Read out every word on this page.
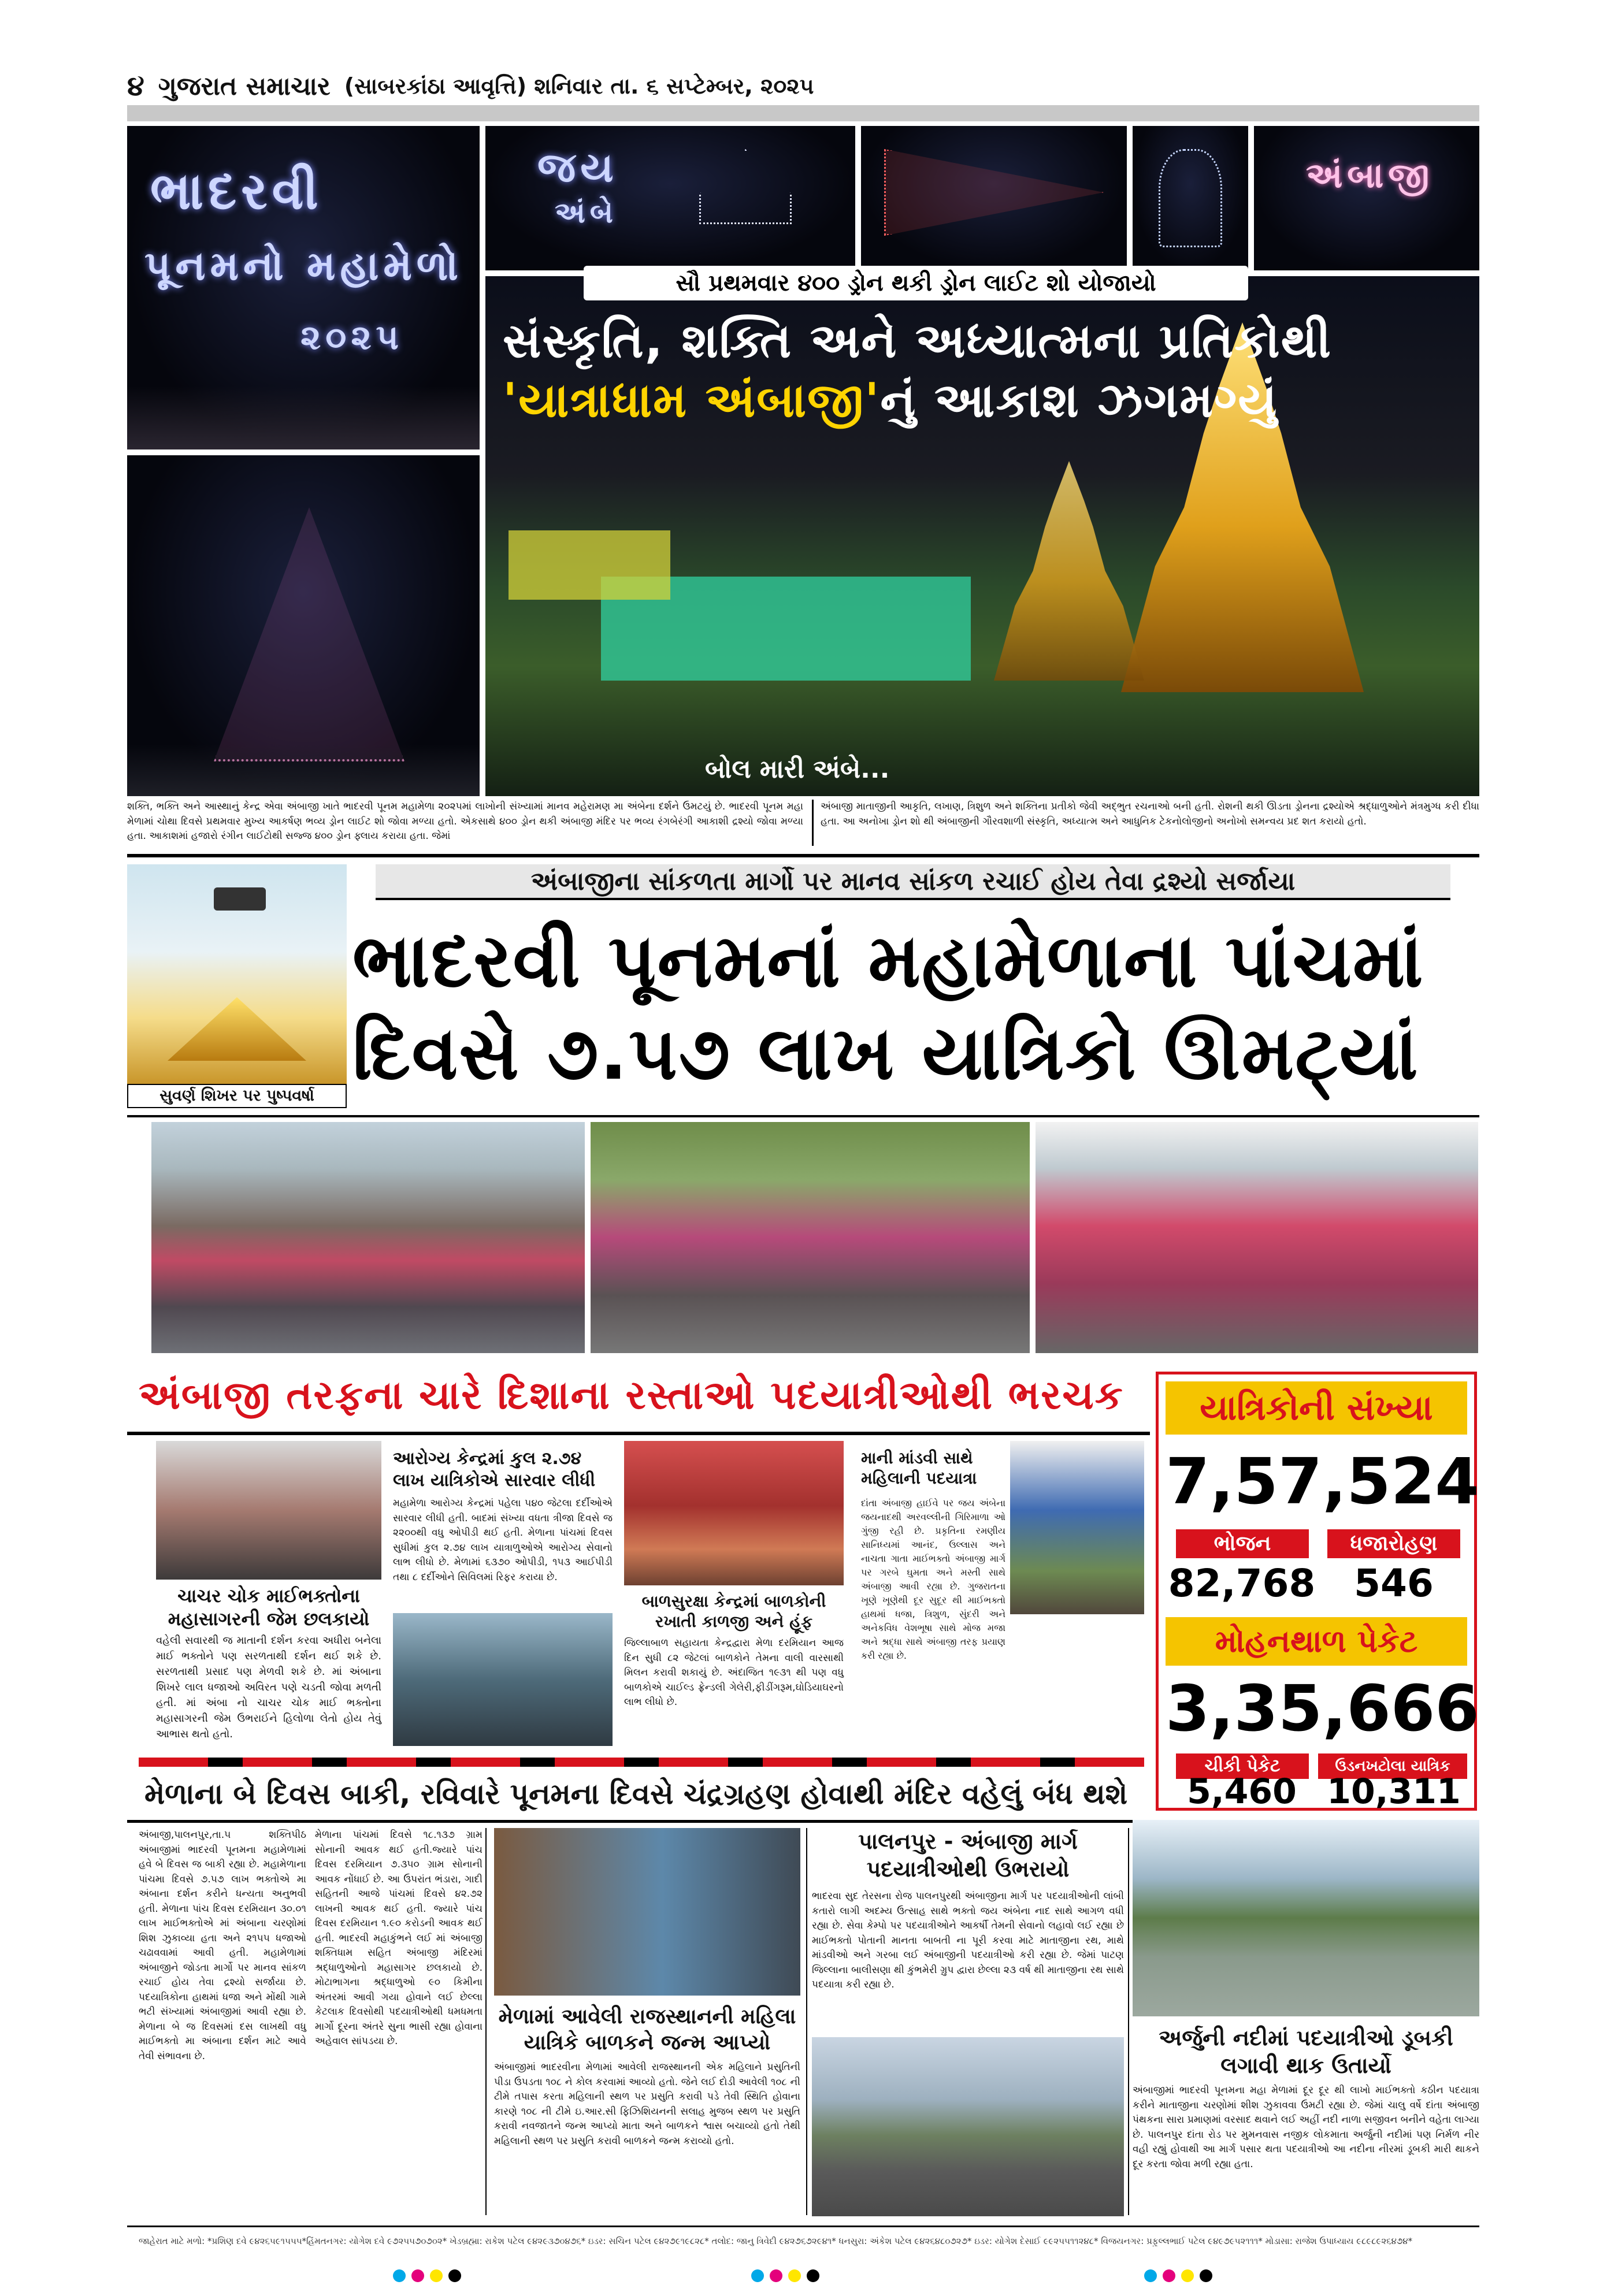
૪ ગુજરાત સમાચાર (સાબરકાંઠા આવૃત્તિ) શનિવાર તા. ૬ સપ્ટેમ્બર, ૨૦૨૫
ભાદરવી
પૂનમનો મહામેળો
૨૦૨૫
જય
અંબે
અંબાજી
સૌ પ્રથમવાર ૪૦૦ ડ્રોન થકી ડ્રોન લાઈટ શો યોજાયો
સંસ્કૃતિ, શક્તિ અને અધ્યાત્મના પ્રતિકોથી
'યાત્રાધામ અંબાજી'નું આકાશ ઝગમગ્યું
બોલ મારી અંબે...
શક્તિ, ભક્તિ અને આસ્થાનું કેન્દ્ર એવા અંબાજી ખાતે ભાદરવી પૂનમ મહામેળા ૨૦૨૫માં લાખોની સંખ્યામાં માનવ મહેરામણ મા અંબેના દર્શને ઉમટયું છે. ભાદરવી પૂનમ મહા મેળામાં ચોથા દિવસે પ્રથમવાર મુખ્ય આકર્ષણ ભવ્ય ડ્રોન લાઈટ શો જોવા મળ્યા હતો. એકસાથે ૪૦૦ ડ્રોન થકી અંબાજી મંદિર પર ભવ્ય રંગબેરંગી આકાશી દ્રશ્યો જોવા મળ્યા હતા. આકાશમાં હજારો રંગીન લાઈટોથી સજ્જ ૪૦૦ ડ્રોન ફ્લાય કરાયા હતા. જેમાં
અંબાજી માતાજીની આકૃતિ, લખાણ, ત્રિશુળ અને શક્તિના પ્રતીકો જેવી અદ્ભુત રચનાઓ બની હતી. રોશની થકી ઊડતા ડ્રોનના દ્રશ્યોએ શ્રદ્ધાળુઓને મંત્રમુગ્ધ કરી દીધા હતા. આ અનોખા ડ્રોન શો થી અંબાજીની ગૌરવશાળી સંસ્કૃતિ, અધ્યાત્મ અને આધુનિક ટેકનોલોજીનો અનોખો સમન્વય પ્રદ શત કરાયો હતો.
સુવર્ણ શિખર પર પુષ્પવર્ષા
અંબાજીના સાંકળતા માર્ગો પર માનવ સાંકળ રચાઈ હોય તેવા દ્રશ્યો સર્જાયા
ભાદરવી પૂનમનાં મહામેળાના પાંચમાં
દિવસે ૭.૫૭ લાખ યાત્રિકો ઊમટ્યાં
અંબાજી તરફના ચારે દિશાના રસ્તાઓ પદયાત્રીઓથી ભરચક	યાત્રિકોની સંખ્યા
7,57,524
ભોજન	ધજારોહણ
82,768	546
મોહનથાળ પેકેટ
3,35,666
ચીકી પેકેટ	ઉડનખટોલા યાત્રિક
5,460 10,311
ચાચર ચોક માઈભક્તોના મહાસાગરની જેમ છલકાયો
વહેલી સવારથી જ માતાની દર્શન કરવા અધીરા બનેલા માઈ ભક્તોને પણ સરળતાથી દર્શન થઈ શકે છે. સરળતાથી પ્રસાદ પણ મેળવી શકે છે. માં અંબાના શિખરે લાલ ધજાઓ અવિરત પણે ચડતી જોવા મળતી હતી. માં અંબા નો ચાચર ચોક માઈ ભક્તોના મહાસાગરની જેમ ઉભરાઈને હિલોળા લેતો હોય તેવું આભાસ થતો હતો.
આરોગ્ય કેન્દ્રમાં કુલ ૨.૭૪ લાખ યાત્રિકોએ સારવાર લીધી
મહામેળા આરોગ્ય કેન્દ્રમાં પહેલા ૫૪૦ જેટલા દર્દીઓએ સારવાર લીધી હતી. બાદમાં સંખ્યા વધતા ત્રીજા દિવસે જ ૨૨૦૦થી વધુ ઓપીડી થઈ હતી. મેળાના પાંચમાં દિવસ સુધીમાં કુલ ૨.૭૪ લાખ યાત્રાળુઓએ આરોગ્ય સેવાનો લાભ લીધો છે. મેળામાં ૬૩૭૦ ઓપીડી, ૧૫૩ આઈપીડી તથા ૮ દર્દીઓને સિવિલમાં રિફર કરાયા છે.
બાળસુરક્ષા કેન્દ્રમાં બાળકોની રખાતી કાળજી અને હૂંફ
જિલ્લાબાળ સહાયતા કેન્દ્રદ્વારા મેળા દરમિયાન આજ દિન સુધી ૮૨ જેટલાં બાળકોને તેમના વાલી વારસાથી મિલન કરાવી શકાયું છે. અંદાજિત ૧૯૩૧ થી પણ વધુ બાળકોએ ચાઈલ્ડ ફ્રેન્ડલી ગેલેરી,ફીડીંગરૂમ,ઘોડિયાઘરનો લાભ લીધો છે.
માની માંડવી સાથે મહિલાની પદયાત્રા
દાંતા અંબાજી હાઈવે પર જય અંબેના જયનાદથી અરવલ્લીની ગિરિમાળા ઓ ગુંજી રહી છે. પ્રકૃતિના રમણીય સાનિધ્યમાં આનંદ, ઉલ્લાસ અને નાચતા ગાતા માઈભક્તો અંબાજી માર્ગ પર ગરબે ઘુમતા અને મસ્તી સાથે અંબાજી આવી રહ્યા છે. ગુજરાતના ખૂણે ખૂણેથી દૂર સુદૂર થી માઈભક્તો હાથમાં ધજા, ત્રિશુળ, સુંદરી અને અનેકવિધ વેશભૂષા સાથે મોજ મજા અને શ્રદ્ધા સાથે અંબાજી તરફ પ્રયાણ કરી રહ્યા છે.
મેળાના બે દિવસ બાકી, રવિવારે પૂનમના દિવસે ચંદ્રગ્રહણ હોવાથી મંદિર વહેલું બંધ થશે
અંબાજી,પાલનપુર,તા.૫ શક્તિપીઠ અંબાજીમાં ભાદરવી પૂનમના મહામેળામાં હવે બે દિવસ જ બાકી રહ્યા છે. મહામેળાના પાંચમા દિવસે ૭.૫૭ લાખ ભક્તોએ મા અંબાના દર્શન કરીને ધન્યતા અનુભવી હતી. મેળાના પાંચ દિવસ દરમિયાન ૩૦.૦૧ લાખ માઈભક્તોએ માં અંબાના ચરણોમાં શિશ ઝુકાવ્યા હતા અને ૨૧૫૫ ધજાઓ ચઢાવવામાં આવી હતી. મહામેળામાં અંબાજીને જોડતા માર્ગો પર માનવ સાંકળ રચાઈ હોય તેવા દ્રશ્યો સર્જાયા છે. પદયાત્રિકોના હાથમાં ધજા અને મોંથી ગામે ભટી સંખ્યામાં અંબાજીમાં આવી રહ્યા છે. મેળાના બે જ દિવસમાં દસ લાખથી વધુ માઈભક્તો મા અંબાના દર્શન માટે આવે તેવી સંભાવના છે.
મેળાના પાંચમાં દિવસે ૧૮.૧૩૭ ગ્રામ સોનાની આવક થઈ હતી.જ્યારે પાંચ દિવસ દરમિયાન ૭.૩૫૦ ગ્રામ સોનાની આવક નોંધાઈ છે. આ ઉપરાંત ભંડારા, ગાદી સહિતની આજે પાંચમાં દિવસે ૪૨.૭૨ લાખની આવક થઈ હતી. જ્યારે પાંચ દિવસ દરમિયાન ૧.૯૦ કરોડની આવક થઈ હતી. ભાદરવી મહાકુંભને લઈ માં અંબાજી શક્તિધામ સહિત અંબાજી મંદિરમાં શ્રદ્ધાળુઓનો મહાસાગર છલકાયો છે. મોટાભાગના શ્રદ્ધાળુઓ ૯૦ કિમીના અંતરમાં આવી ગયા હોવાને લઈ છેલ્લા કેટલાક દિવસોથી પદયાત્રીઓથી ધમધમતા માર્ગો દૂરના અંતરે સુના ભાસી રહ્યા હોવાના અહેવાલ સાંપડયા છે.
મેળામાં આવેલી રાજસ્થાનની મહિલા યાત્રિકે બાળકને જન્મ આપ્યો
અંબાજીમાં ભાદરવીના મેળામાં આવેલી રાજસ્થાનની એક મહિલાને પ્રસુતિની પીડા ઉપડતા ૧૦૮ ને કોલ કરવામાં આવ્યો હતો. જેને લઈ દોડી આવેલી ૧૦૮ ની ટીમે તપાસ કરતા મહિલાની સ્થળ પર પ્રસુતિ કરાવી પડે તેવી સ્થિતિ હોવાના કારણે ૧૦૮ ની ટીમે ઇ.આર.સી ફિઝિશિયનની સલાહ મુજબ સ્થળ પર પ્રસુતિ કરાવી નવજાતને જન્મ આપ્યો માતા અને બાળકને શ્વાસ બચાવ્યો હતો તેથી મહિલાની સ્થળ પર પ્રસુતિ કરાવી બાળકને જન્મ કરાવ્યો હતો.
પાલનપુર - અંબાજી માર્ગ
પદયાત્રીઓથી ઉભરાયો
ભાદરવા સુદ તેરસના રોજ પાલનપુરથી અંબાજીના માર્ગ પર પદયાત્રીઓની લાંબી કતારો લાગી અદમ્ય ઉત્સાહ સાથે ભક્તો જય અંબેના નાદ સાથે આગળ વધી રહ્યા છે. સેવા કેમ્પો પર પદયાત્રીઓને આકર્ષી તેમની સેવાનો લહાવો લઈ રહ્યા છે માઈભક્તો પોતાની માનતા બાબતી ના પૂરી કરવા માટે માતાજીના રથ, માથે માંડવીઓ અને ગરબા લઈ અંબાજીની પદયાત્રીઓ કરી રહ્યા છે. જેમાં પાટણ જિલ્લાના બાલીસણા થી કુંભમેરી ગ્રુપ દ્વારા છેલ્લા ૨૩ વર્ષ થી માતાજીના રથ સાથે પદયાત્રા કરી રહ્યા છે.
અર્જુની નદીમાં પદયાત્રીઓ ડૂબકી લગાવી થાક ઉતાર્યો
અંબાજીમાં ભાદરવી પૂનમના મહા મેળામાં દૂર દૂર થી લાખો માઈભક્તો કઠીન પદયાત્રા કરીને માતાજીના ચરણોમાં શીશ ઝુકાવવા ઉમટી રહ્યા છે. જેમાં ચાલુ વર્ષે દાંતા અંબાજી પંથકના સારા પ્રમાણમાં વરસાદ થવાને લઈ અહીં નદી નાળા સજીવન બનીને વહેતા લાગ્યા છે. પાલનપુર દાંતા રોડ પર મુમનવાસ નજીક લોકમાતા અર્જુની નદીમાં પણ નિર્મળ નીર વહી રહ્યું હોવાથી આ માર્ગ પસાર થતા પદયાત્રીઓ આ નદીના નીરમાં ડૂબકી મારી થાકને દૂર કરતા જોવા મળી રહ્યા હતા.
જાહેરાત માટે મળો: *પ્રશિણ દવે ૯૪૨૬૫૯૧૫૫૫*હિંમતનગર: યોગેશ દવે ૯૭૨૫૫૭૦૭૦૨* ખેડબ્રહ્મા: રાકેશ પટેલ ૯૪૨૯૩૭૦૪૭૬* ઇડર: સચિન પટેલ ૯૪૨૭૯૧૯૮૨૮* તલોદ: જાનુ ત્રિવેદી ૯૪૨૭૬૭૨૯૪૧* ધનસુરા: અંકેશ પટેલ ૯૪૨૬૪૮૦૭૨૭* ઇડર: યોગેશ દેસાઈ ૯૯૨૫૫૧૧૨૪૮* વિજયનગર: પ્રફુલ્લભાઈ પટેલ ૯૪૯૭૯૫૨૧૧૧* મોડાસા: રાજેશ ઉપાધ્યાય ૯૮૯૮૯૨૬૪૭૪*
